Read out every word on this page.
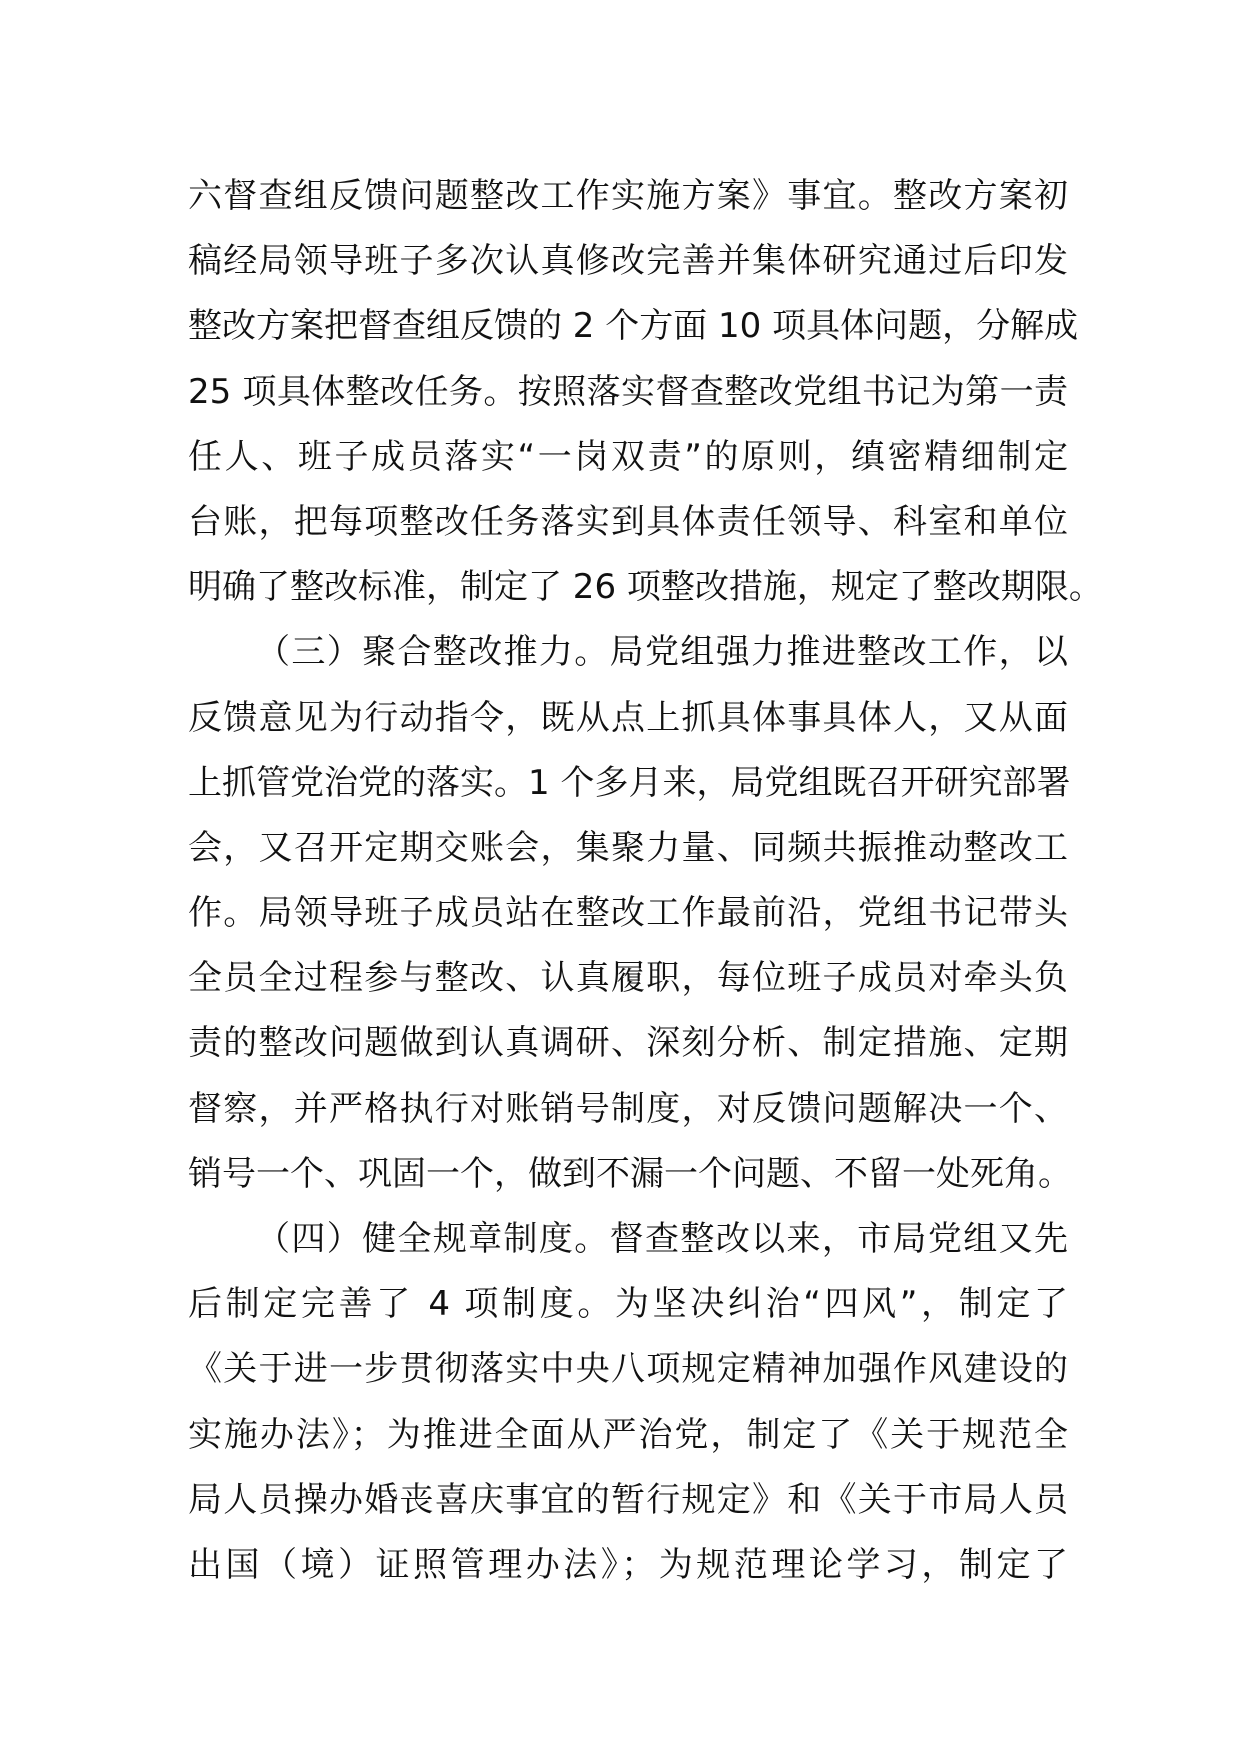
六督查组反馈问题整改工作实施方案》事宜。整改方案初
稿经局领导班子多次认真修改完善并集体研究通过后印发
整改方案把督查组反馈的 2 个方面 10 项具体问题，分解成
25 项具体整改任务。按照落实督查整改党组书记为第一责
任人、班子成员落实“一岗双责”的原则，缜密精细制定
台账，把每项整改任务落实到具体责任领导、科室和单位
明确了整改标准，制定了 26 项整改措施，规定了整改期限。
（三）聚合整改推力。局党组强力推进整改工作，以
反馈意见为行动指令，既从点上抓具体事具体人，又从面
上抓管党治党的落实。1 个多月来，局党组既召开研究部署
会，又召开定期交账会，集聚力量、同频共振推动整改工
作。局领导班子成员站在整改工作最前沿，党组书记带头
全员全过程参与整改、认真履职，每位班子成员对牵头负
责的整改问题做到认真调研、深刻分析、制定措施、定期
督察，并严格执行对账销号制度，对反馈问题解决一个、
销号一个、巩固一个，做到不漏一个问题、不留一处死角。
（四）健全规章制度。督查整改以来，市局党组又先
后制定完善了 4 项制度。为坚决纠治“四风”，制定了
《关于进一步贯彻落实中央八项规定精神加强作风建设的
实施办法》；为推进全面从严治党，制定了《关于规范全
局人员操办婚丧喜庆事宜的暂行规定》和《关于市局人员
出国（境）证照管理办法》；为规范理论学习，制定了
